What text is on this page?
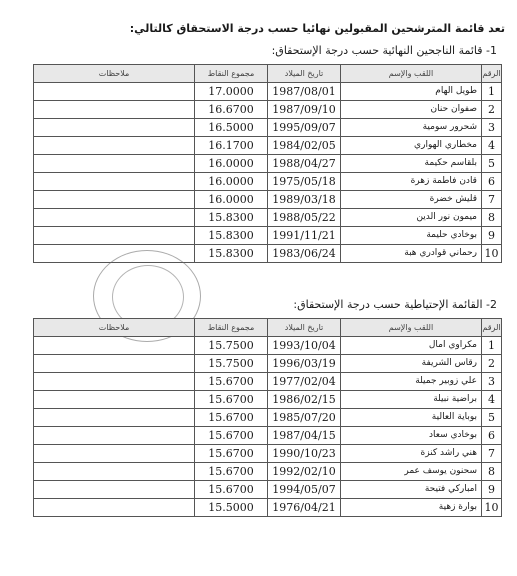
تعد قائمة المترشحين المقبولين نهائيا حسب درجة الاستحقاق كالتالي:
1- قائمة الناجحين النهائية حسب درجة الإستحقاق:
الرقم	اللقب والإسم	تاريخ الميلاد	مجموع النقاط	ملاحظات
1	طويل الهام	1987/08/01	17.0000	
2	صفوان حنان	1987/09/10	16.6700	
3	شحرور سومية	1995/09/07	16.5000	
4	مخطاري الهواري	1984/02/05	16.1700	
5	بلقاسم حكيمة	1988/04/27	16.0000	
6	قادن فاطمة زهرة	1975/05/18	16.0000	
7	قليش خضرة	1989/03/18	16.0000	
8	ميمون نور الدين	1988/05/22	15.8300	
9	بوخادي حليمة	1991/11/21	15.8300	
10	رحماني قوادري هبة	1983/06/24	15.8300	
2- القائمة الإحتياطية حسب درجة الإستحقاق:
الرقم	اللقب والإسم	تاريخ الميلاد	مجموع النقاط	ملاحظات
1	مكراوي امال	1993/10/04	15.7500	
2	رقاس الشريفة	1996/03/19	15.7500	
3	علي زوبير جميلة	1977/02/04	15.6700	
4	براضية نبيلة	1986/02/15	15.6700	
5	بوباية العالية	1985/07/20	15.6700	
6	بوخادي سعاد	1987/04/15	15.6700	
7	هني راشد كنزة	1990/10/23	15.6700	
8	سحنون يوسف عمر	1992/02/10	15.6700	
9	امبارکي فتيحة	1994/05/07	15.6700	
10	بوارة زهية	1976/04/21	15.5000	
